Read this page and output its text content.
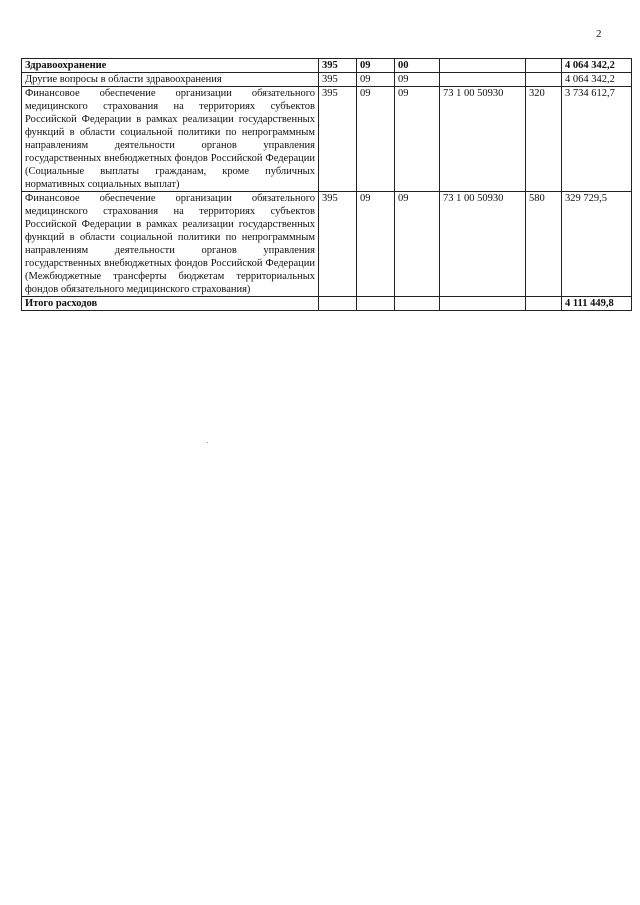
2
Здравоохранение	395	09	00			4 064 342,2
Другие вопросы в области здравоохранения	395	09	09			4 064 342,2
Финансовое обеспечение организации обязательного медицинского страхования на территориях субъектов Российской Федерации в рамках реализации государственных функций в области социальной политики по непрограммным направлениям деятельности органов управления государственных внебюджетных фондов Российской Федерации (Социальные выплаты гражданам, кроме публичных нормативных социальных выплат)	395	09	09	73 1 00 50930	320	3 734 612,7
Финансовое обеспечение организации обязательного медицинского страхования на территориях субъектов Российской Федерации в рамках реализации государственных функций в области социальной политики по непрограммным направлениям деятельности органов управления государственных внебюджетных фондов Российской Федерации (Межбюджетные трансферты бюджетам территориальных фондов обязательного медицинского страхования)	395	09	09	73 1 00 50930	580	329 729,5
Итого расходов						4 111 449,8
